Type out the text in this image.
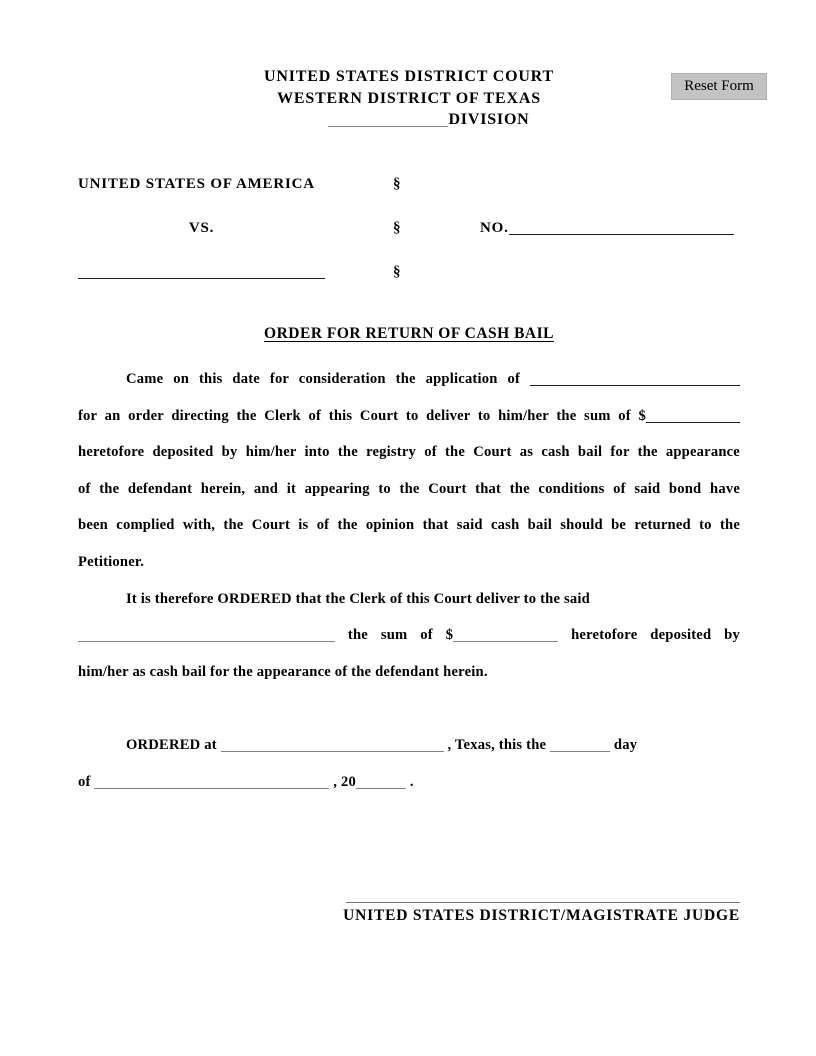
UNITED STATES DISTRICT COURT
WESTERN DISTRICT OF TEXAS
DIVISION
Reset Form
UNITED STATES OF AMERICA	§
VS.	§	NO.
§
ORDER FOR RETURN OF CASH BAIL
Came on this date for consideration the application of
for an order directing the Clerk of this Court to deliver to him/her the sum of $
heretofore deposited by him/her into the registry of the Court as cash bail for the appearance
of the defendant herein, and it appearing to the Court that the conditions of said bond have
been complied with, the Court is of the opinion that said cash bail should be returned to the
Petitioner.
It is therefore ORDERED that the Clerk of this Court deliver to the said
the sum of $	heretofore deposited by
him/her as cash bail for the appearance of the defendant herein.
ORDERED at	, Texas, this the	day
of	, 20	.
UNITED STATES DISTRICT/MAGISTRATE JUDGE
